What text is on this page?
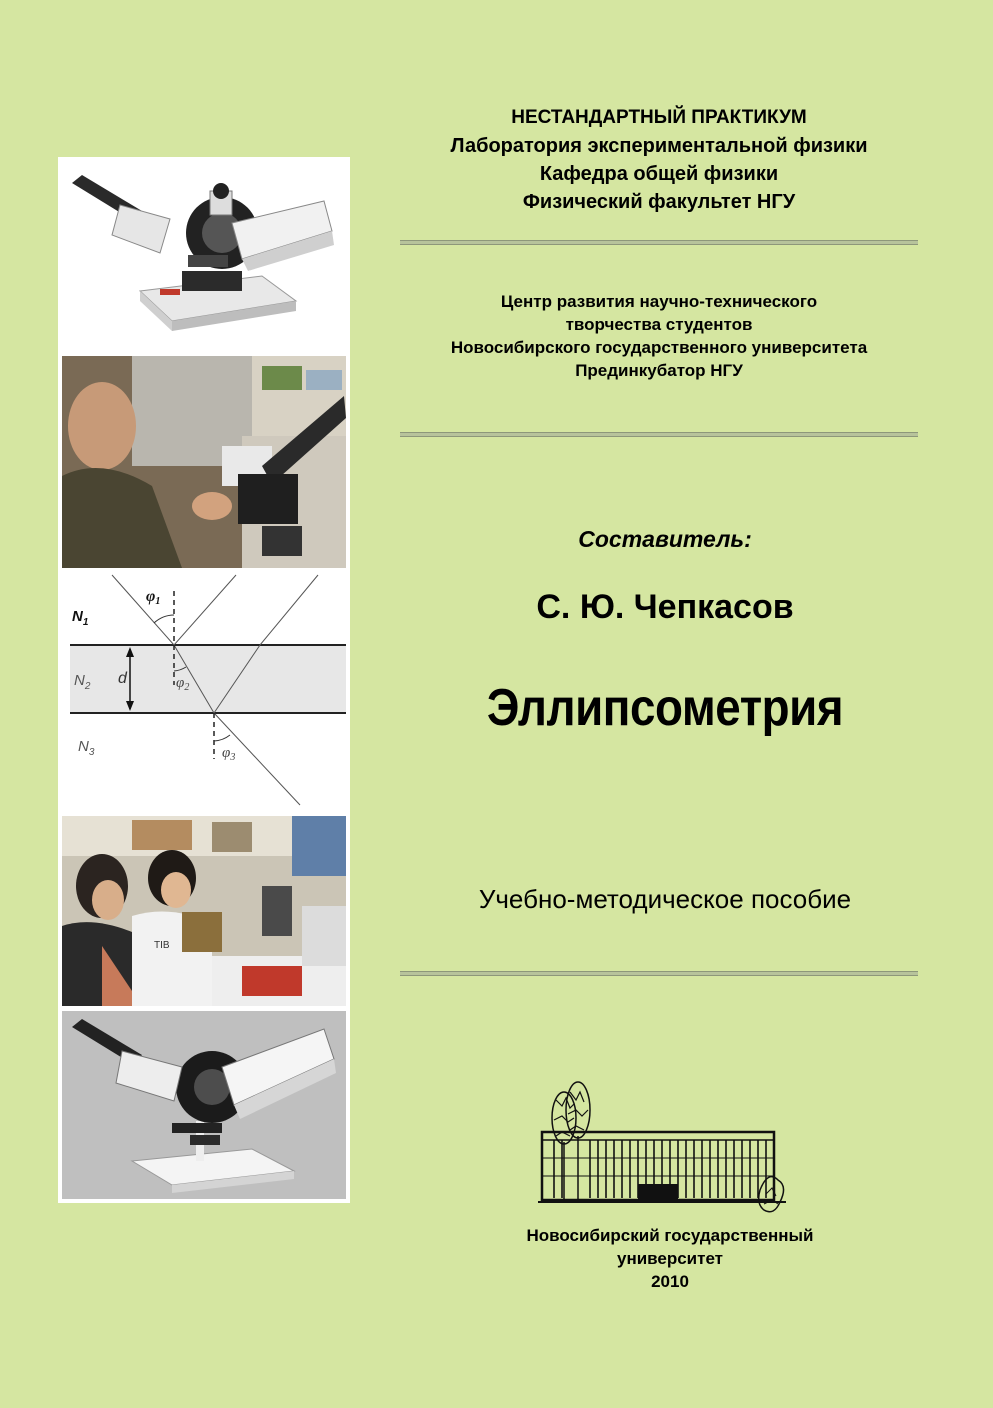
$N_1$
$N_2$
$N_3$
d
φ1
$\varphi_2$
$\varphi_3$
TIB
НЕСТАНДАРТНЫЙ ПРАКТИКУМ
Лаборатория экспериментальной физики
Кафедра общей физики
Физический факультет НГУ
Центр развития научно-технического
творчества студентов
Новосибирского государственного университета
Прединкубатор НГУ
Составитель:
С. Ю. Чепкасов
Эллипсометрия
Учебно-методическое пособие
Новосибирский государственный
университет
2010
